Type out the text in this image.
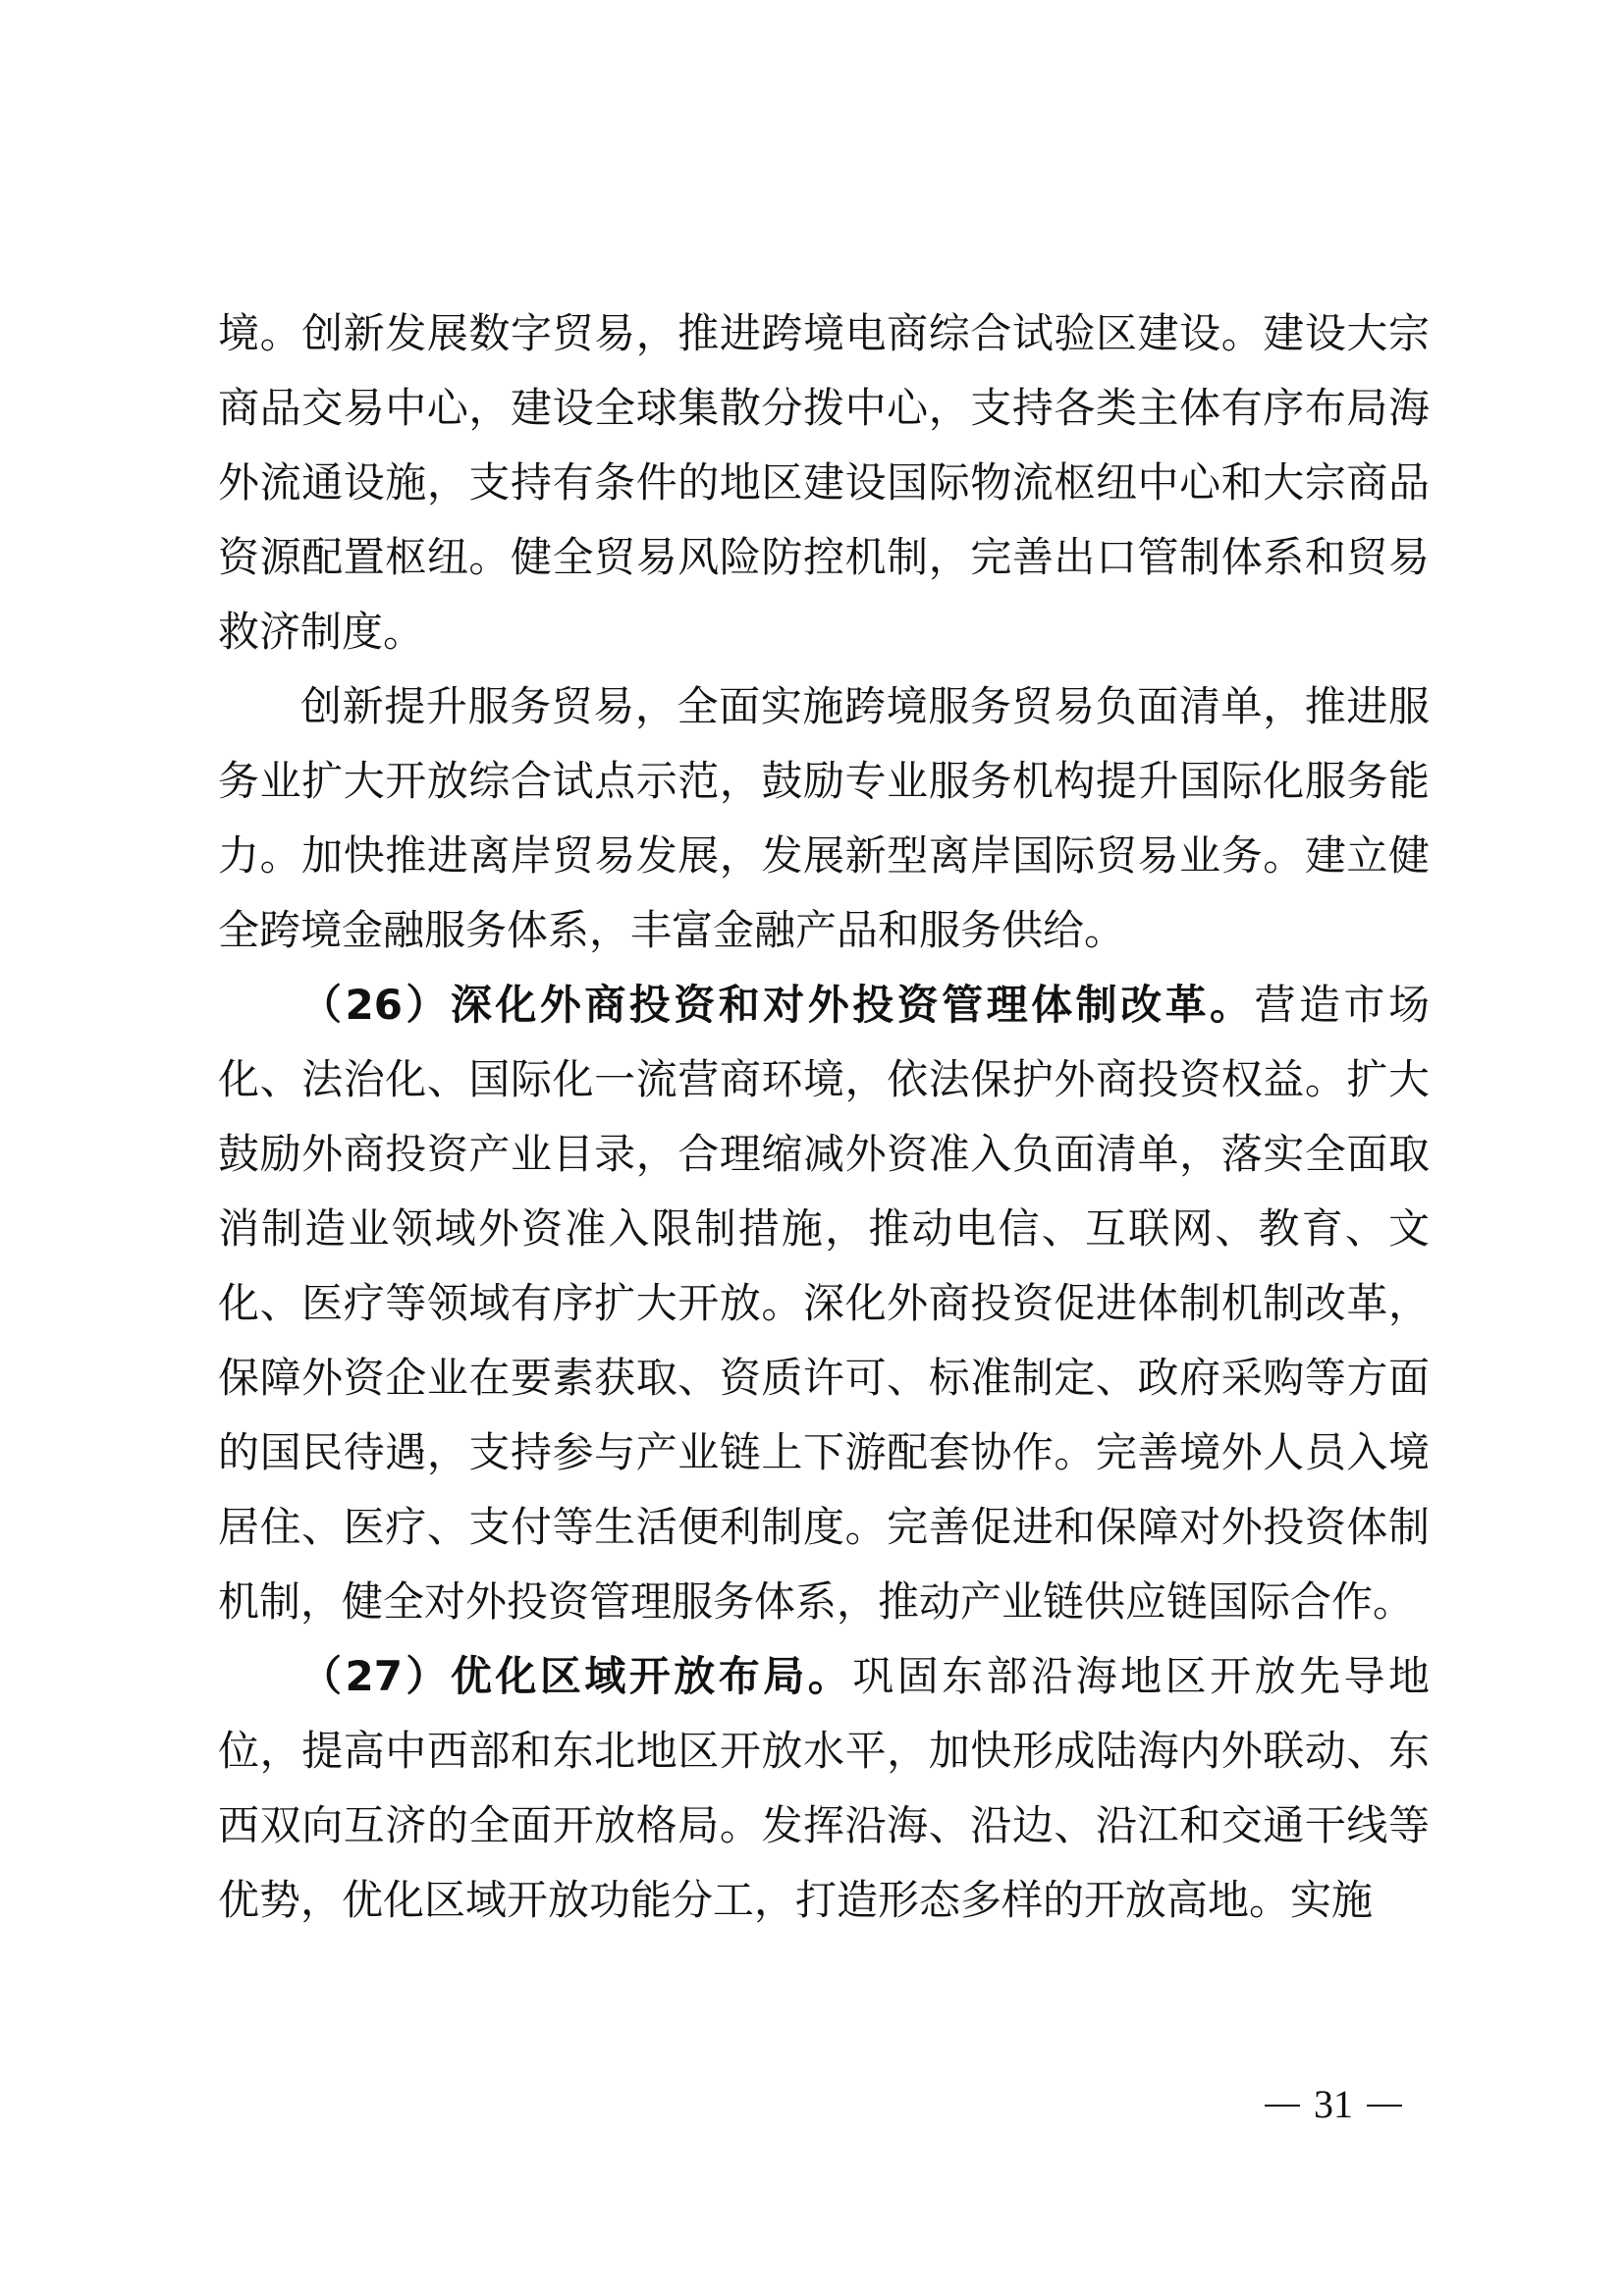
境。创新发展数字贸易，推进跨境电商综合试验区建设。建设大宗商品交易中心，建设全球集散分拨中心，支持各类主体有序布局海外流通设施，支持有条件的地区建设国际物流枢纽中心和大宗商品资源配置枢纽。健全贸易风险防控机制，完善出口管制体系和贸易救济制度。

创新提升服务贸易，全面实施跨境服务贸易负面清单，推进服务业扩大开放综合试点示范，鼓励专业服务机构提升国际化服务能力。加快推进离岸贸易发展，发展新型离岸国际贸易业务。建立健全跨境金融服务体系，丰富金融产品和服务供给。

（26）深化外商投资和对外投资管理体制改革。营造市场化、法治化、国际化一流营商环境，依法保护外商投资权益。扩大鼓励外商投资产业目录，合理缩减外资准入负面清单，落实全面取消制造业领域外资准入限制措施，推动电信、互联网、教育、文化、医疗等领域有序扩大开放。深化外商投资促进体制机制改革，保障外资企业在要素获取、资质许可、标准制定、政府采购等方面的国民待遇，支持参与产业链上下游配套协作。完善境外人员入境居住、医疗、支付等生活便利制度。完善促进和保障对外投资体制机制，健全对外投资管理服务体系，推动产业链供应链国际合作。

（27）优化区域开放布局。巩固东部沿海地区开放先导地位，提高中西部和东北地区开放水平，加快形成陆海内外联动、东西双向互济的全面开放格局。发挥沿海、沿边、沿江和交通干线等优势，优化区域开放功能分工，打造形态多样的开放高地。实施

31
